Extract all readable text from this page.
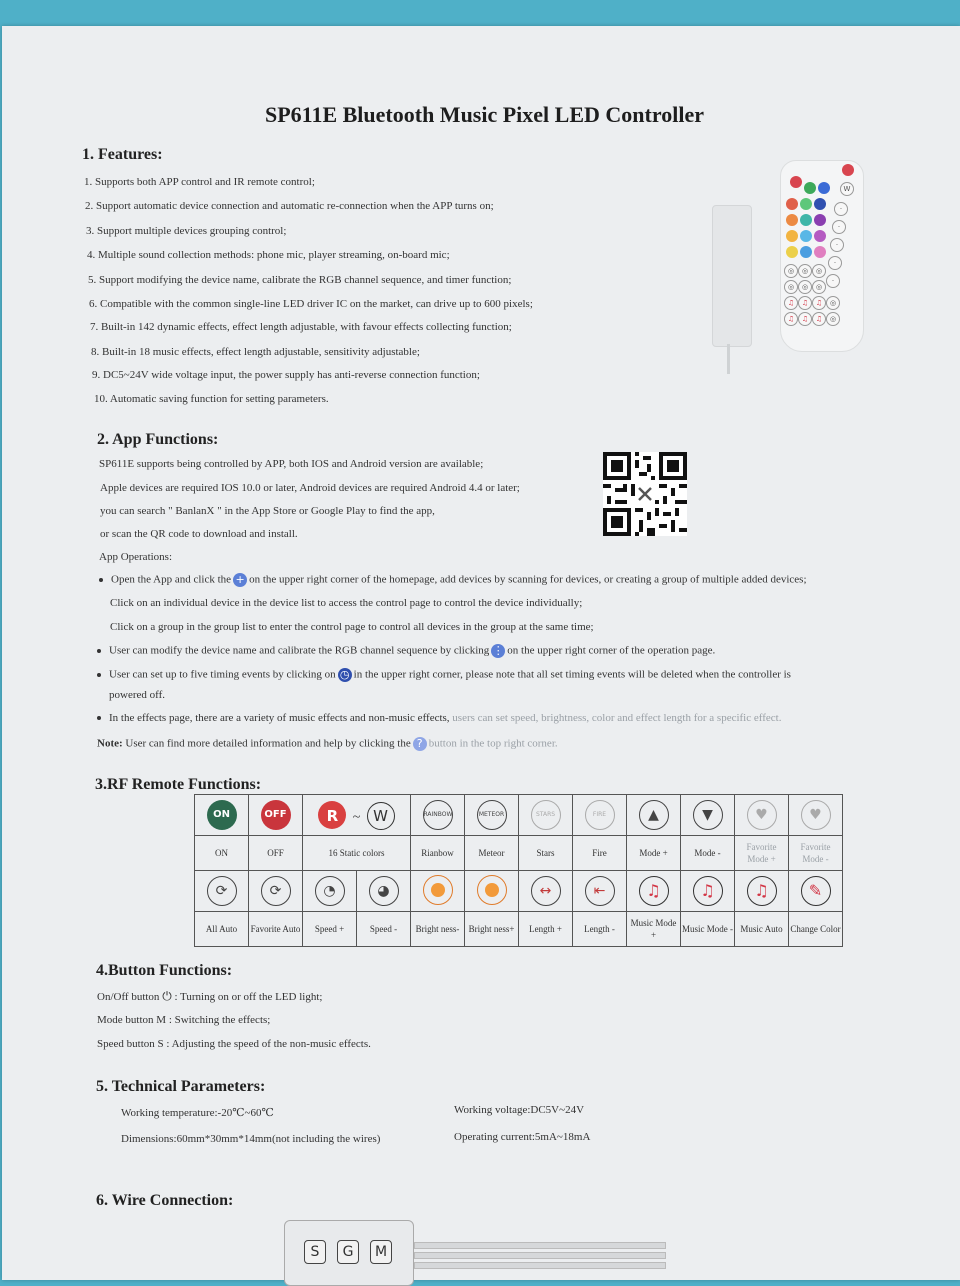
SP611E Bluetooth Music Pixel LED Controller
1. Features:
1. Supports both APP control and IR remote control;
2. Support automatic device connection and automatic re-connection when the APP turns on;
3. Support multiple devices grouping control;
4. Multiple sound collection methods: phone mic, player streaming, on-board mic;
5. Support modifying the device name, calibrate the RGB channel sequence, and timer function;
6. Compatible with the common single-line LED driver IC on the market, can drive up to 600 pixels;
7. Built-in 142 dynamic effects, effect length adjustable, with favour effects collecting function;
8. Built-in 18 music effects, effect length adjustable, sensitivity adjustable;
9. DC5~24V wide voltage input, the power supply has anti-reverse connection function;
10. Automatic saving function for setting parameters.
W
·
·
·
·
◎	◎	◎
·
◎	◎	◎
♫	♫	♫	◎
♫	♫	♫	◎
2. App Functions:
SP611E supports being controlled by APP, both IOS and Android version are available;
Apple devices are required IOS 10.0 or later, Android devices are required Android 4.4 or later;
you can search " BanlanX " in the App Store or Google Play to find the app,
or scan the QR code to download and install.
App Operations:
Open the App and click the + on the upper right corner of the homepage, add devices by scanning for devices, or creating a group of multiple added devices;
Click on an individual device in the device list to access the control page to control the device individually;
Click on a group in the group list to enter the control page to control all devices in the group at the same time;
User can modify the device name and calibrate the RGB channel sequence by clicking ⋮ on the upper right corner of the operation page.
User can set up to five timing events by clicking on ◷ in the upper right corner, please note that all set timing events will be deleted when the controller is
powered off.
In the effects page, there are a variety of music effects and non-music effects, users can set speed, brightness, color and effect length for a specific effect.
Note: User can find more detailed information and help by clicking the ? button in the top right corner.
3.RF Remote Functions:
ON	OFF	R ~ W		RAINBOW	METEOR	STARS	FIRE	▲	▼	♥	♥
ON	OFF	16 Static colors		Rianbow	Meteor	Stars	Fire	Mode +	Mode -	Favorite Mode +	Favorite Mode -
⟳	⟳	◔	◕			↔	⇤	♫	♫	♫	✎
All Auto	Favorite Auto	Speed +	Speed -	Bright ness-	Bright ness+	Length +	Length -	Music Mode +	Music Mode -	Music Auto	Change Color
4.Button Functions:
On/Off button ⏻ : Turning on or off the LED light;
Mode button M : Switching the effects;
Speed button S : Adjusting the speed of the non-music effects.
5. Technical Parameters:
Working temperature:-20℃~60℃	Working voltage:DC5V~24V
Dimensions:60mm*30mm*14mm(not including the wires)	Operating current:5mA~18mA
6. Wire Connection:
S	G	M
